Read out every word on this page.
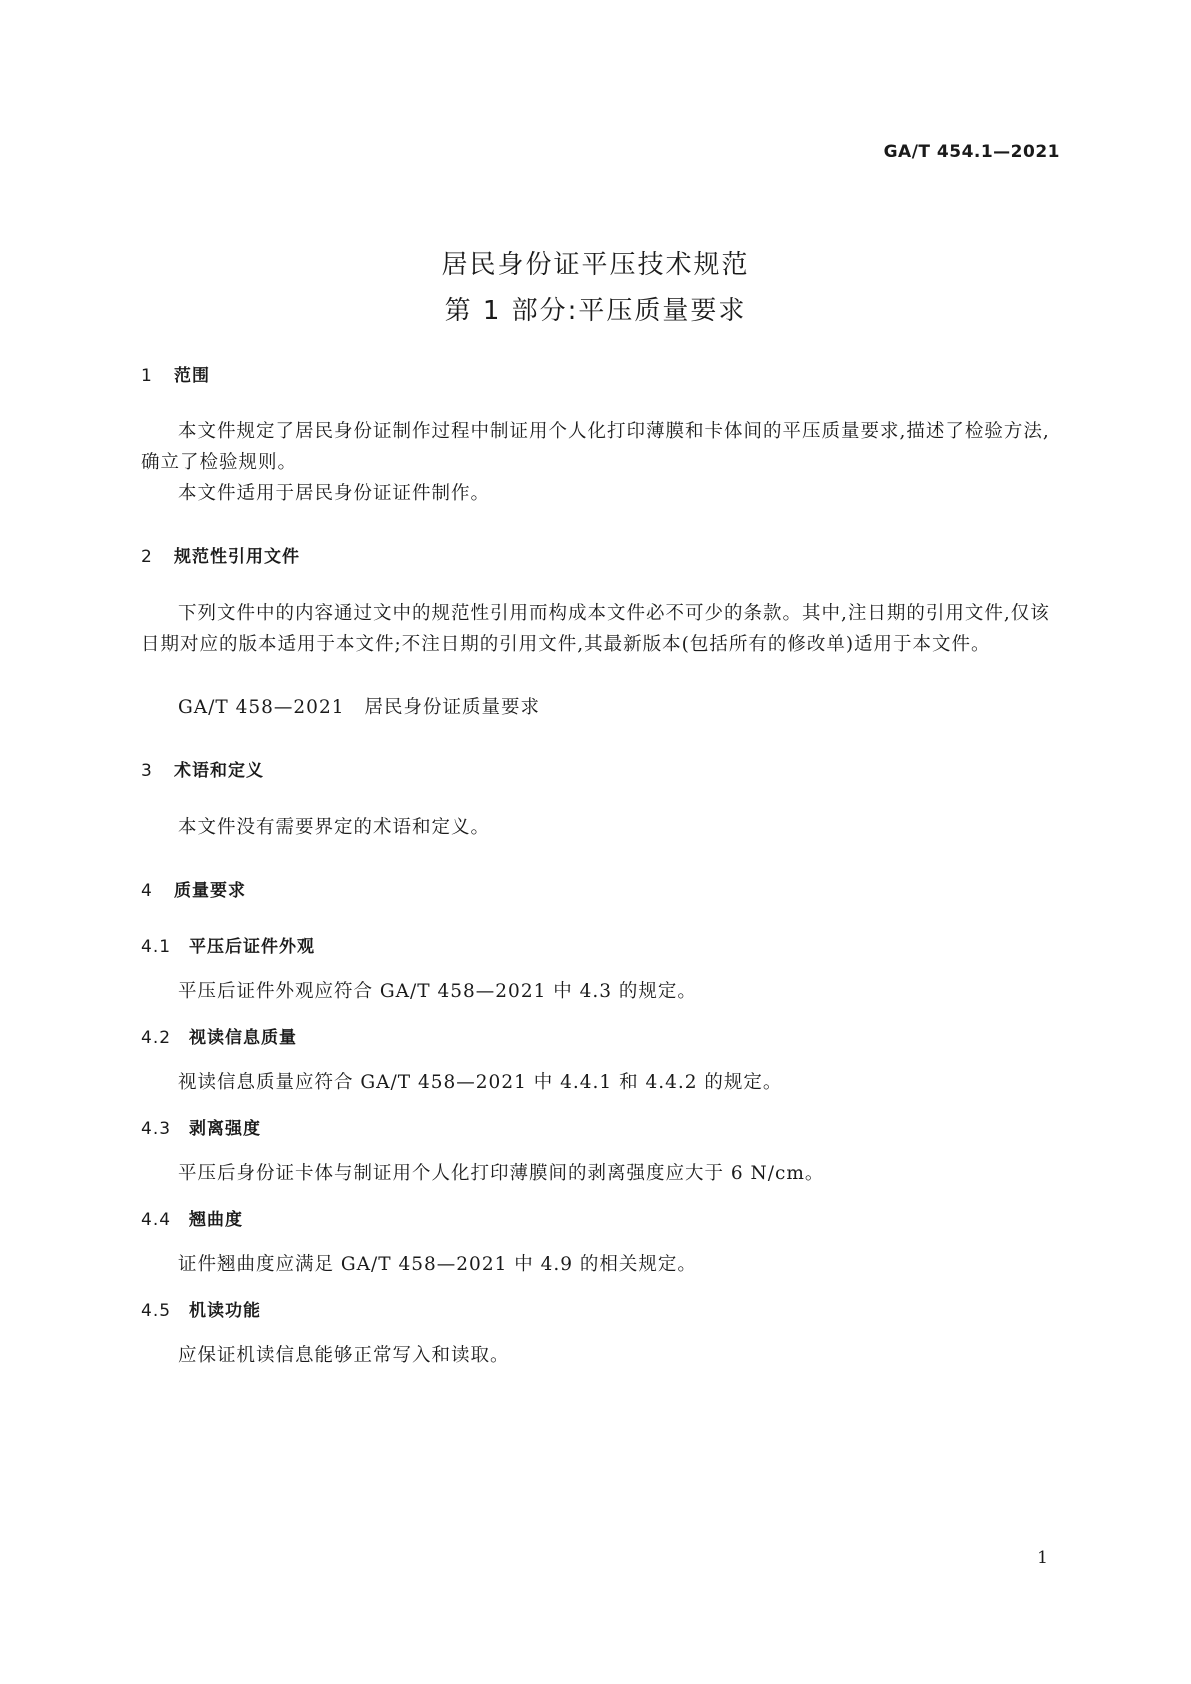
GA/T 454.1—2021
居民身份证平压技术规范
第 1 部分:平压质量要求
1 范围
本文件规定了居民身份证制作过程中制证用个人化打印薄膜和卡体间的平压质量要求,描述了检验方法,确立了检验规则。
本文件适用于居民身份证证件制作。
2 规范性引用文件
下列文件中的内容通过文中的规范性引用而构成本文件必不可少的条款。其中,注日期的引用文件,仅该日期对应的版本适用于本文件;不注日期的引用文件,其最新版本(包括所有的修改单)适用于本文件。
GA/T 458—2021 居民身份证质量要求
3 术语和定义
本文件没有需要界定的术语和定义。
4 质量要求
4.1 平压后证件外观
平压后证件外观应符合 GA/T 458—2021 中 4.3 的规定。
4.2 视读信息质量
视读信息质量应符合 GA/T 458—2021 中 4.4.1 和 4.4.2 的规定。
4.3 剥离强度
平压后身份证卡体与制证用个人化打印薄膜间的剥离强度应大于 6 N/cm。
4.4 翘曲度
证件翘曲度应满足 GA/T 458—2021 中 4.9 的相关规定。
4.5 机读功能
应保证机读信息能够正常写入和读取。
1
